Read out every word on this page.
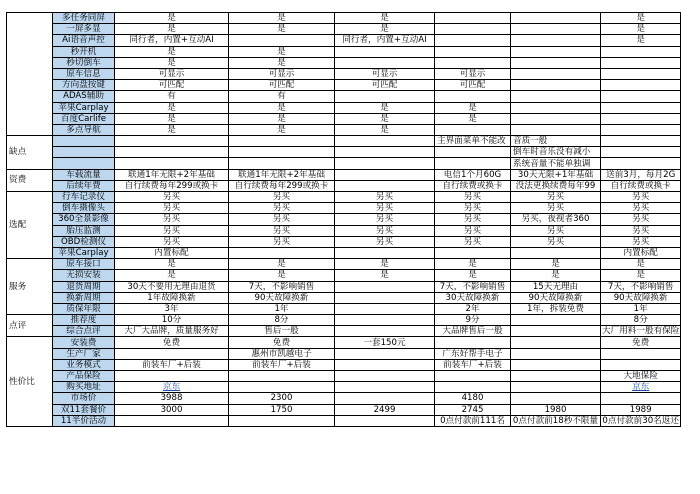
	多任务同屏	是	是	是			是
	一屏多显	是	是	是			是
	Ai语音声控	同行者，内置+互动AI		同行者，内置+互动AI			是
	秒开机	是	是				
	秒切倒车	是	是				
	原车信息	可显示	可显示	可显示	可显示		
	方向盘按键	可匹配	可匹配	可匹配	可匹配		
	ADAS辅助	有	有				
	苹果Carplay	是	是	是	是		
	百度Carlife	是	是	是	是		
	多点导航	是	是	是			
缺点					主界面菜单不能改	音质一般	
						倒车时音乐没有减小	
						系统音量不能单独调	
资费	车载流量	联通1年无限+2年基础	联通1年无限+2年基础		电信1个月60G	30天无限+1年基础	送前3月，每月2G
	后续年费	自行续费每年299或换卡	自行续费每年299或换卡		自行续费或换卡	没法更换续费每年99	自行续费或换卡
选配	行车记录仪	另买	另买	另买	另买	另买	另买
	倒车摄像头	另买	另买	另买	另买	另买	另买
	360全景影像	另买	另买	另买	另买	另买，夜视者360	另买
	胎压监测	另买	另买	另买	另买	另买	另买
	OBD检测仪	另买	另买	另买	另买	另买	另买
	苹果Carplay	内置标配					内置标配
服务	原车接口	是	是	是	是	是	是
	无损安装	是	是	是	是	是	是
	退货周期	30天不要用无理由退货	7天，不影响销售		7天，不影响销售	15天无理由	7天，不影响销售
	换新周期	1年故障换新	90天故障换新		30天故障换新	90天故障换新	90天故障换新
	质保年限	3年	1年		2年	1年，拆装免费	1年
点评	推荐度	10分	8分		9分		8分
	综合点评	大厂大品牌，质量服务好	售后一般		大品牌售后一般		大厂用料一般有保险
性价比	安装费	免费	免费	一套150元			免费
	生产厂家		惠州市凯越电子		广东好帮手电子		
	业务模式	前装车厂+后装	前装车厂+后装		前装车厂+后装		
	产品保险						大地保险
	购买地址	京东					京东
	市场价	3988	2300		4180		
	双11套餐价	3000	1750	2499	2745	1980	1989
	11半价活动				0点付款前111名	0点付款前18秒不限量	0点付款前30名返还
